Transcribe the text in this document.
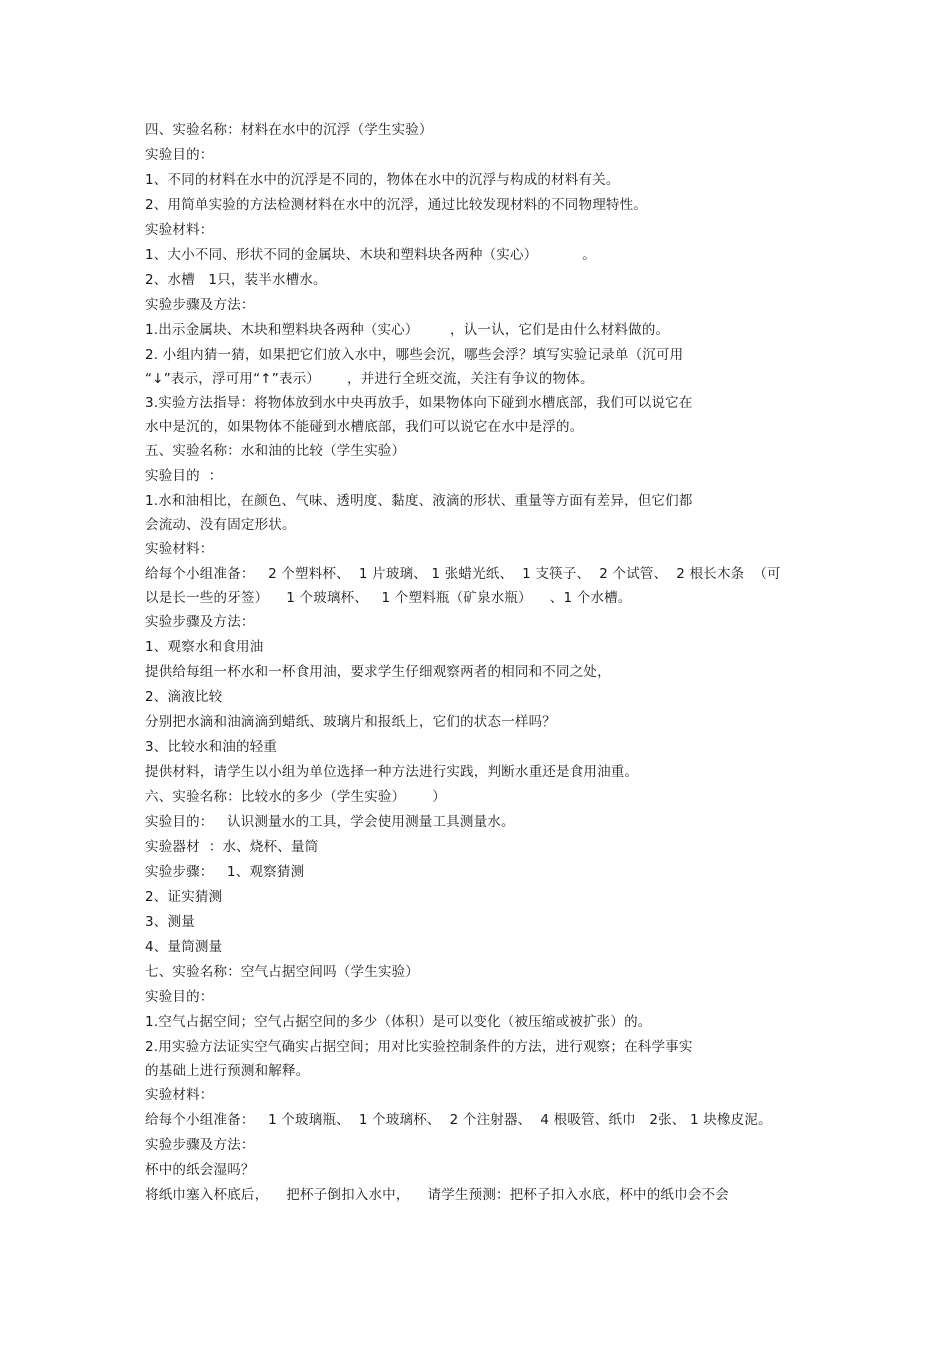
四、实验名称：材料在水中的沉浮（学生实验）
实验目的：
1、不同的材料在水中的沉浮是不同的，物体在水中的沉浮与构成的材料有关。
2、用简单实验的方法检测材料在水中的沉浮，通过比较发现材料的不同物理特性。
实验材料：
1、大小不同、形状不同的金属块、木块和塑料块各两种（实心）          。
2、水槽   1只，装半水槽水。
实验步骤及方法：
1.出示金属块、木块和塑料块各两种（实心）       ，认一认，它们是由什么材料做的。
2. 小组内猜一猜，如果把它们放入水中，哪些会沉，哪些会浮？填写实验记录单（沉可用
“↓”表示，浮可用“↑”表示）      ，并进行全班交流，关注有争议的物体。
3.实验方法指导：将物体放到水中央再放手，如果物体向下碰到水槽底部，我们可以说它在
水中是沉的，如果物体不能碰到水槽底部，我们可以说它在水中是浮的。
五、实验名称：水和油的比较（学生实验）
实验目的  ：
1.水和油相比，在颜色、气味、透明度、黏度、液滴的形状、重量等方面有差异，但它们都
会流动、没有固定形状。
实验材料：
给每个小组准备：   2 个塑料杯、  1 片玻璃、 1 张蜡光纸、  1 支筷子、  2 个试管、  2 根长木条  （可
以是长一些的牙签）    1 个玻璃杯、   1 个塑料瓶（矿泉水瓶）    、1 个水槽。
实验步骤及方法：
1、观察水和食用油
提供给每组一杯水和一杯食用油，要求学生仔细观察两者的相同和不同之处，
2、滴液比较
分别把水滴和油滴滴到蜡纸、玻璃片和报纸上，它们的状态一样吗？
3、比较水和油的轻重
提供材料，请学生以小组为单位选择一种方法进行实践，判断水重还是食用油重。
六、实验名称：比较水的多少（学生实验）      ）
实验目的：   认识测量水的工具，学会使用测量工具测量水。
实验器材  ：水、烧杯、量筒
实验步骤：   1、观察猜测
2、证实猜测
3、测量
4、量筒测量
七、实验名称：空气占据空间吗（学生实验）
实验目的：
1.空气占据空间；空气占据空间的多少（体积）是可以变化（被压缩或被扩张）的。
2.用实验方法证实空气确实占据空间；用对比实验控制条件的方法，进行观察；在科学事实
的基础上进行预测和解释。
实验材料：
给每个小组准备：   1 个玻璃瓶、  1 个玻璃杯、  2 个注射器、  4 根吸管、纸巾   2张、 1 块橡皮泥。
实验步骤及方法：
杯中的纸会湿吗？
将纸巾塞入杯底后，    把杯子倒扣入水中，    请学生预测：把杯子扣入水底，杯中的纸巾会不会
